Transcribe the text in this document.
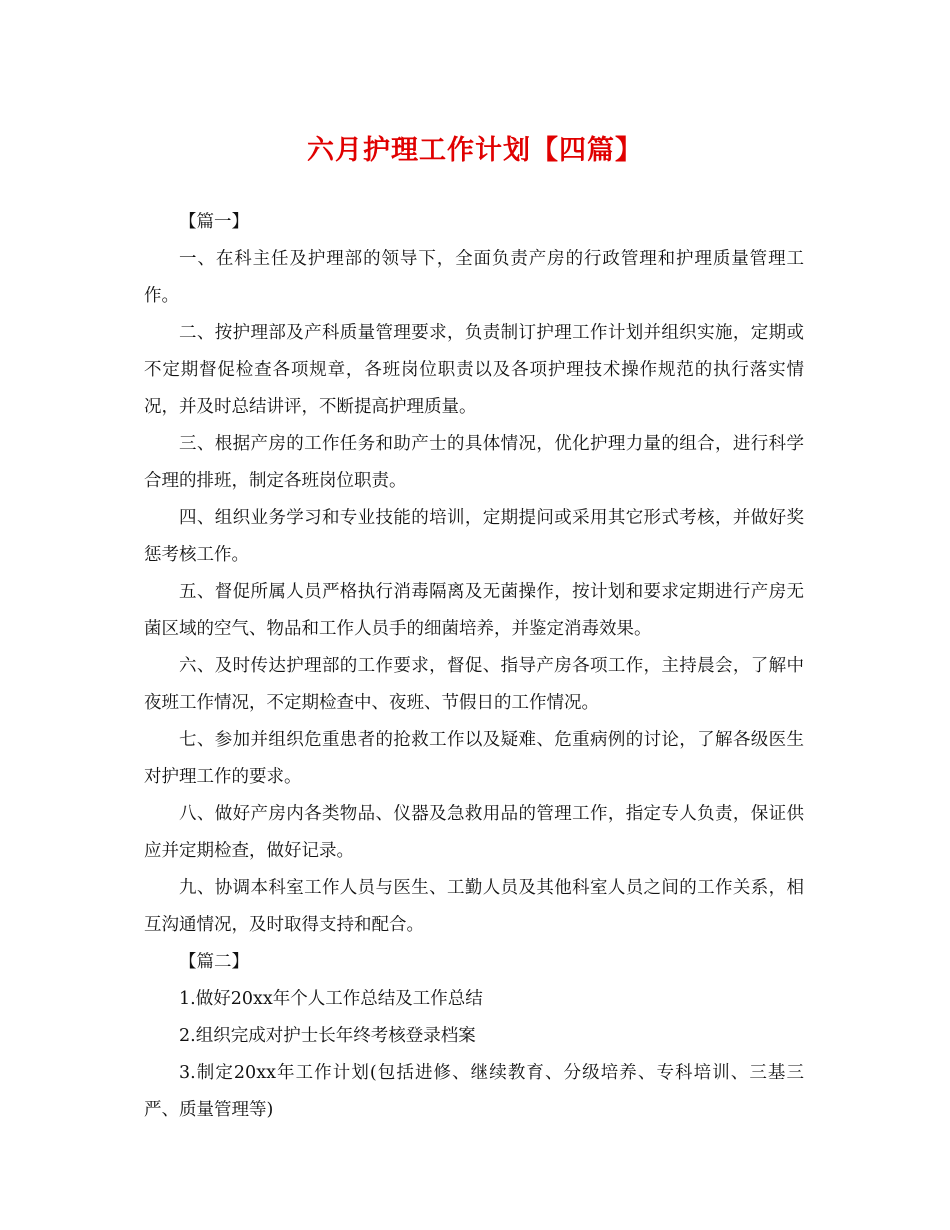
六月护理工作计划【四篇】

【篇一】

一、在科主任及护理部的领导下，全面负责产房的行政管理和护理质量管理工作。

二、按护理部及产科质量管理要求，负责制订护理工作计划并组织实施，定期或不定期督促检查各项规章，各班岗位职责以及各项护理技术操作规范的执行落实情况，并及时总结讲评，不断提高护理质量。

三、根据产房的工作任务和助产士的具体情况，优化护理力量的组合，进行科学合理的排班，制定各班岗位职责。

四、组织业务学习和专业技能的培训，定期提问或采用其它形式考核，并做好奖惩考核工作。

五、督促所属人员严格执行消毒隔离及无菌操作，按计划和要求定期进行产房无菌区域的空气、物品和工作人员手的细菌培养，并鉴定消毒效果。

六、及时传达护理部的工作要求，督促、指导产房各项工作，主持晨会，了解中夜班工作情况，不定期检查中、夜班、节假日的工作情况。

七、参加并组织危重患者的抢救工作以及疑难、危重病例的讨论，了解各级医生对护理工作的要求。

八、做好产房内各类物品、仪器及急救用品的管理工作，指定专人负责，保证供应并定期检查，做好记录。

九、协调本科室工作人员与医生、工勤人员及其他科室人员之间的工作关系，相互沟通情况，及时取得支持和配合。

【篇二】

1.做好20xx年个人工作总结及工作总结

2.组织完成对护士长年终考核登录档案

3.制定20xx年工作计划(包括进修、继续教育、分级培养、专科培训、三基三严、质量管理等)
